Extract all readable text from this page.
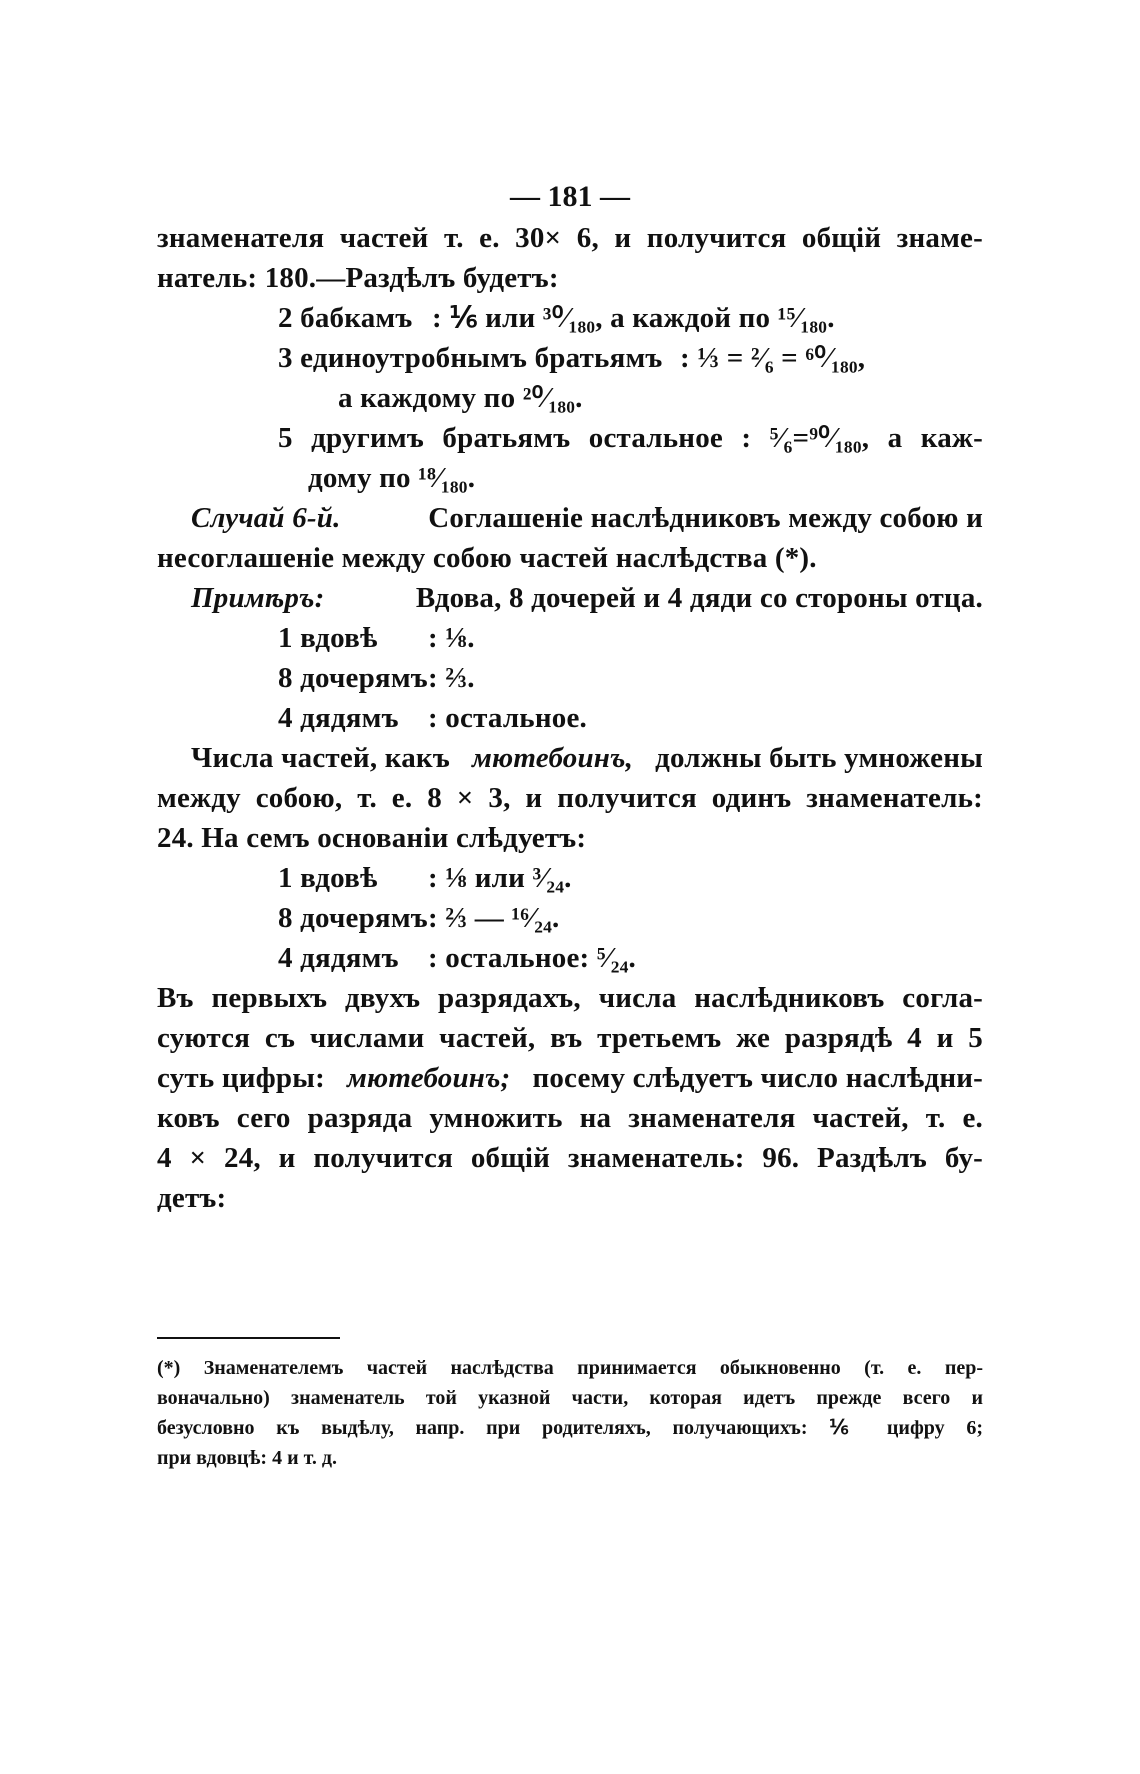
— 181 —
знаменателя частей т. е. 30× 6, и получится общій знаме-
натель: 180.—Раздѣлъ будетъ:
2 бабкамъ : ⅙ или ³⁰⁄₁₈₀, а каждой по ¹⁵⁄₁₈₀.
3 единоутробнымъ братьямъ : ⅓ = ²⁄₆ = ⁶⁰⁄₁₈₀,
а каждому по ²⁰⁄₁₈₀.
5 другимъ братьямъ остальное : ⁵⁄₆=⁹⁰⁄₁₈₀, а каж-
дому по ¹⁸⁄₁₈₀.
Случай 6-й.	Соглашеніе наслѣдниковъ между собою и
несоглашеніе между собою частей наслѣдства (*).
Примѣръ:	Вдова, 8 дочерей и 4 дяди со стороны отца.
1 вдовѣ : ⅛.
8 дочерямъ : ⅔.
4 дядямъ : остальное.
Числа частей, какъ мютебоинъ, должны быть умножены
между собою, т. е. 8 × 3, и получится одинъ знаменатель:
24. На семъ основаніи слѣдуетъ:
1 вдовѣ : ⅛ или ³⁄₂₄.
8 дочерямъ : ⅔ — ¹⁶⁄₂₄.
4 дядямъ : остальное: ⁵⁄₂₄.
Въ первыхъ двухъ разрядахъ, числа наслѣдниковъ согла-
суются съ числами частей, въ третьемъ же разрядѣ 4 и 5
суть цифры: мютебоинъ; посему слѣдуетъ число наслѣдни-
ковъ сего разряда умножить на знаменателя частей, т. е.
4 × 24, и получится общій знаменатель: 96. Раздѣлъ бу-
детъ:
(*) Знаменателемъ частей наслѣдства принимается обыкновенно (т. е. пер-
воначально) знаменатель той указной части, которая идетъ прежде всего и
безусловно къ выдѣлу, напр. при родителяхъ, получающихъ: ⅙ цифру 6;
при вдовцѣ: 4 и т. д.
